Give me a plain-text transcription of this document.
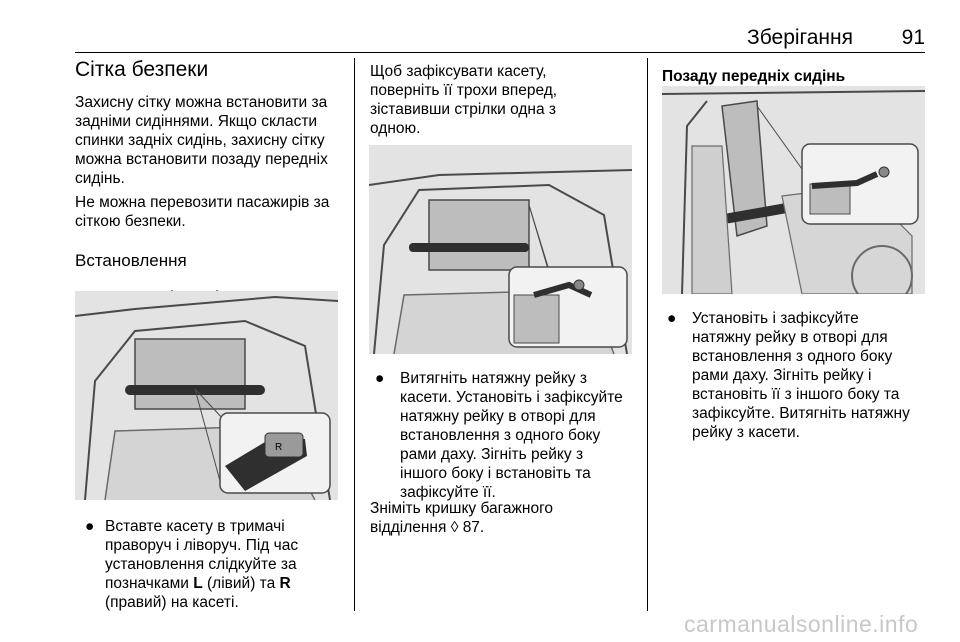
Зберігання 91

Сітка безпеки

Захисну сітку можна встановити за

задніми сидіннями. Якщо скласти

спинки задніх сидінь, захисну сітку

можна встановити позаду передніх

сидінь.

Не можна перевозити пасажирів за

сіткою безпеки.

Встановлення

R
● Вставте касету в тримачі

праворуч і ліворуч. Під час

установлення слідкуйте за

позначками L (лівий) та R

(правий) на касеті.

Щоб зафіксувати касету,

поверніть її трохи вперед,

зіставивши стрілки одна з

одною.

● Витягніть натяжну рейку з

касети. Установіть і зафіксуйте

натяжну рейку в отворі для

встановлення з одного боку

рами даху. Зігніть рейку з

іншого боку і встановіть та

зафіксуйте її.

Зніміть кришку багажного

відділення ◊ 87.

Позаду передніх сидінь

● Установіть і зафіксуйте

натяжну рейку в отворі для

встановлення з одного боку

рами даху. Зігніть рейку і

встановіть її з іншого боку та

зафіксуйте. Витягніть натяжну

рейку з касети.

carmanualsonline.info
